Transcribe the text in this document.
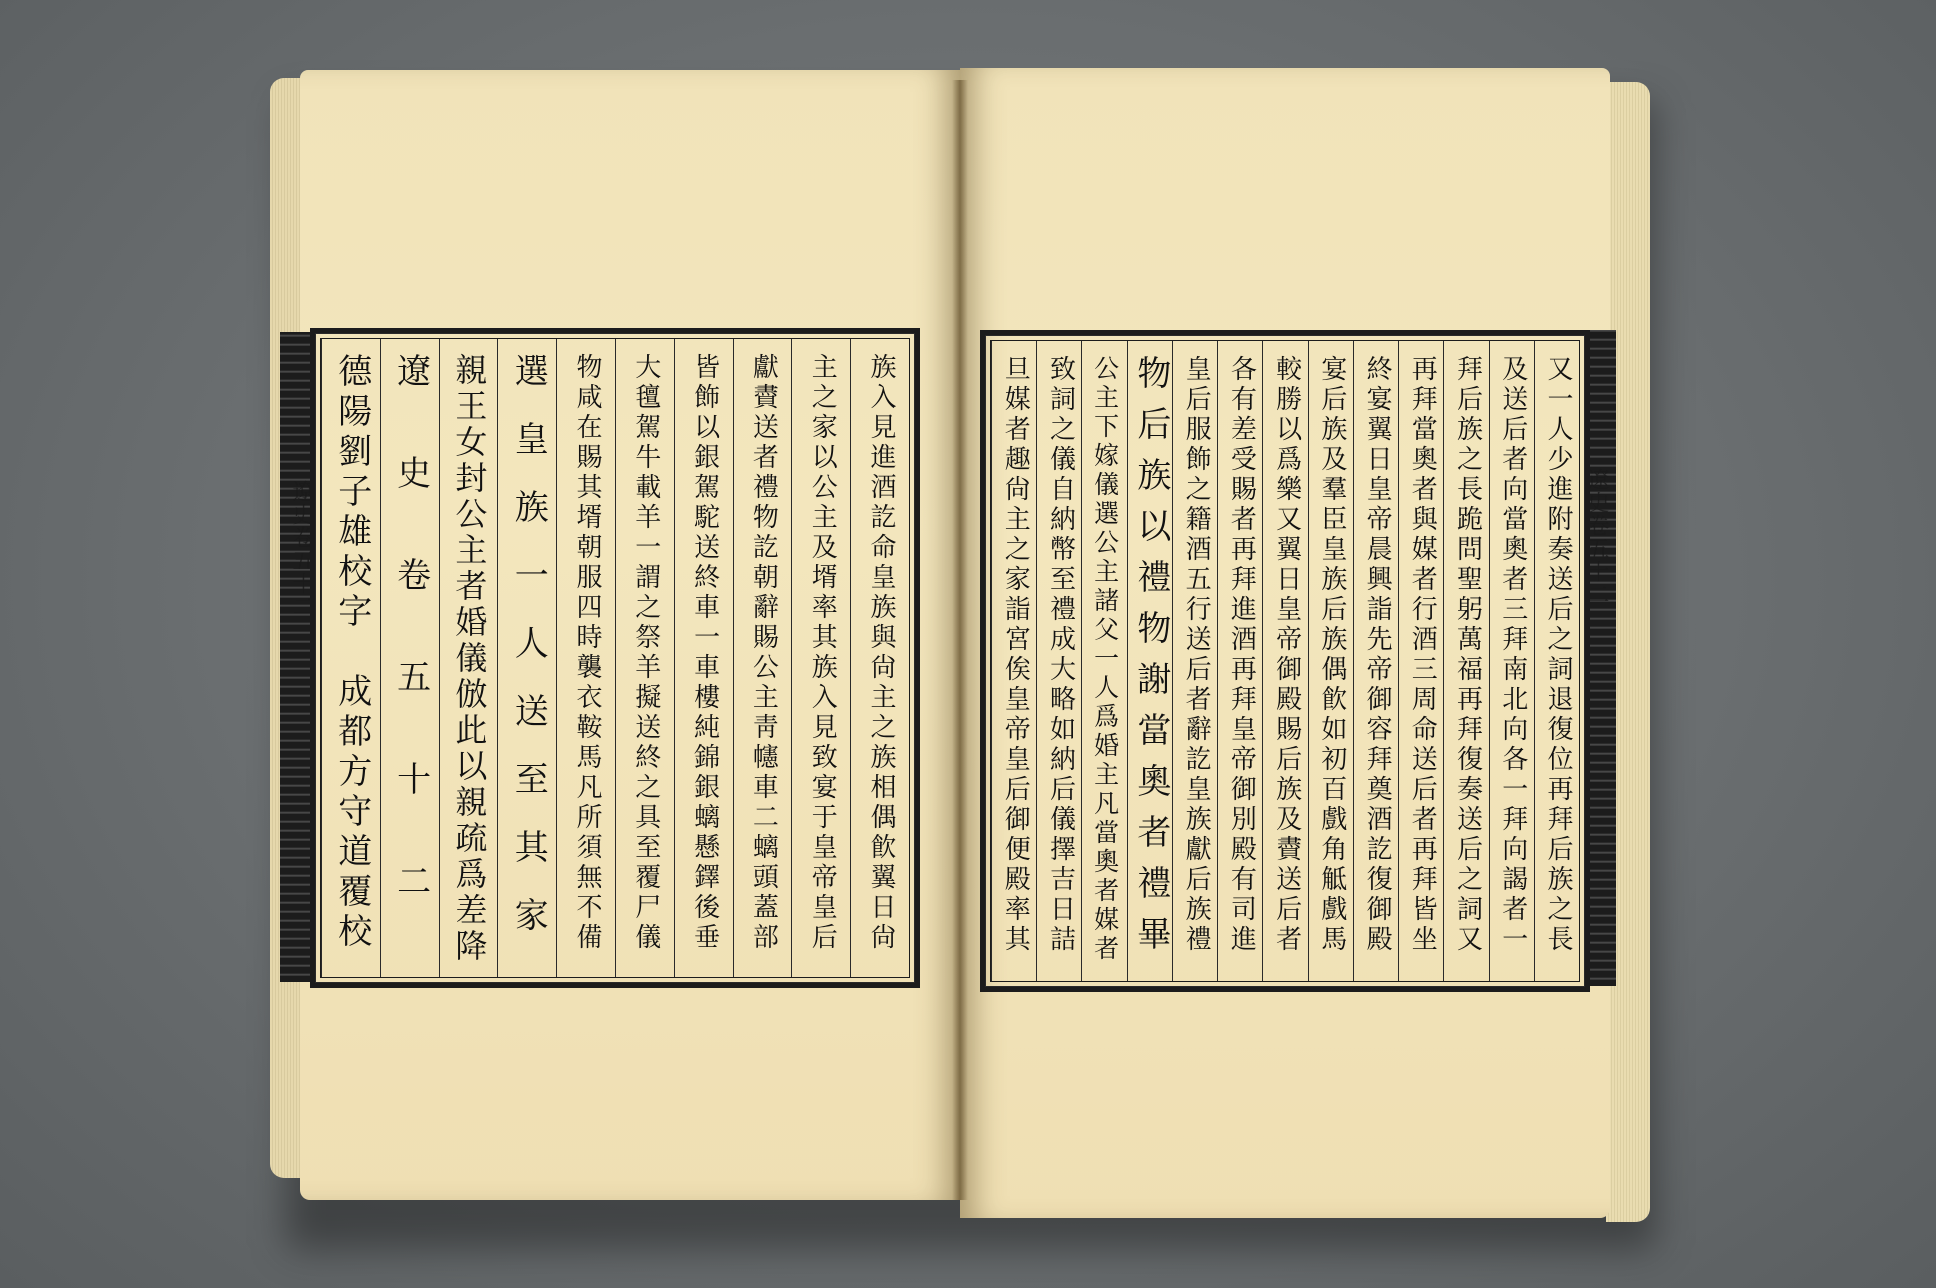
遼史卷五十二	族入見進酒訖命皇族與尙主之族相偶飮翼日尙
主之家以公主及壻率其族入見致宴于皇帝皇后
獻賮送者禮物訖朝辭賜公主靑幰車二螭頭蓋部
皆飾以銀駕駝送終車一車樓純錦銀螭懸鐸後垂
大氊駕牛載羊一謂之祭羊擬送終之具至覆尸儀
物咸在賜其壻朝服四時襲衣鞍馬凡所須無不備
選皇族一人送至其家
親王女封公主者婚儀倣此以親疏爲差降
遼史卷五十二
德陽劉子雄校字　成都方守道覆校	遼史卷五十二
又一人少進附奏送后之詞退復位再拜后族之長
及送后者向當奧者三拜南北向各一拜向謁者一
拜后族之長跪問聖躬萬福再拜復奏送后之詞又
再拜當奧者與媒者行酒三周命送后者再拜皆坐
終宴翼日皇帝晨興詣先帝御容拜奠酒訖復御殿
宴后族及羣臣皇族后族偶飮如初百戲角觝戲馬
較勝以爲樂又翼日皇帝御殿賜后族及賮送后者
各有差受賜者再拜進酒再拜皇帝御別殿有司進
皇后服飾之籍酒五行送后者辭訖皇族獻后族禮
物后族以禮物謝當奧者禮畢
公主下嫁儀選公主諸父一人爲婚主凡當奧者媒者
致詞之儀自納幣至禮成大略如納后儀擇吉日詰
旦媒者趣尙主之家詣宮俟皇帝皇后御便殿率其
